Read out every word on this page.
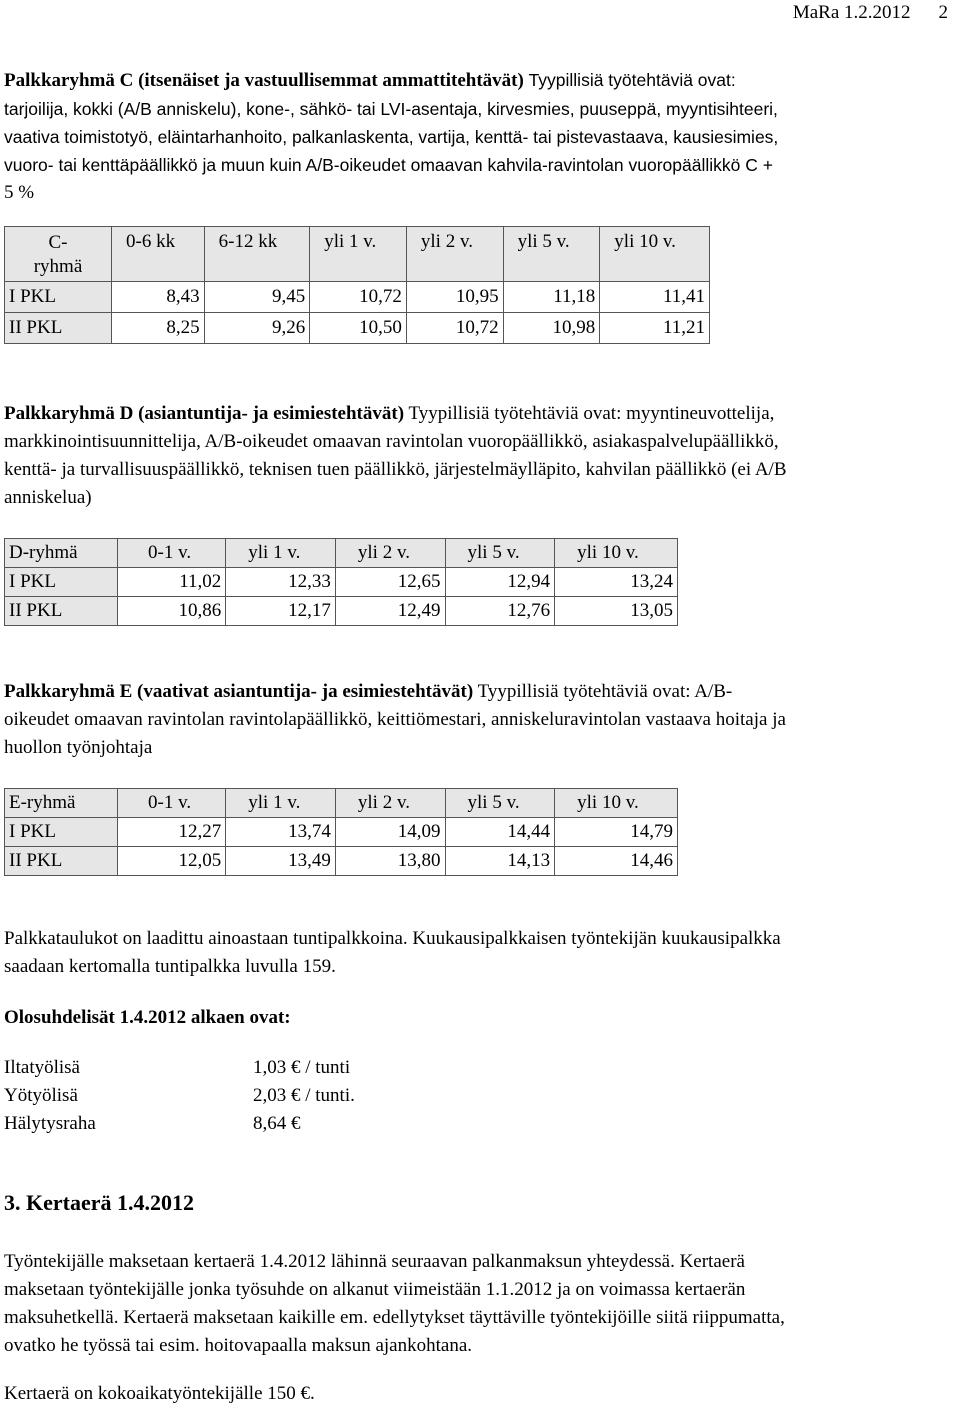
MaRa 1.2.2012 2
Palkkaryhmä C (itsenäiset ja vastuullisemmat ammattitehtävät) Tyypillisiä työtehtäviä ovat:
tarjoilija, kokki (A/B anniskelu), kone-, sähkö- tai LVI-asentaja, kirvesmies, puuseppä, myyntisihteeri,
vaativa toimistotyö, eläintarhanhoito, palkanlaskenta, vartija, kenttä- tai pistevastaava, kausiesimies,
vuoro- tai kenttäpäällikkö ja muun kuin A/B-oikeudet omaavan kahvila-ravintolan vuoropäällikkö C +
5 %
C-
ryhmä	0-6 kk	6-12 kk	yli 1 v.	yli 2 v.	yli 5 v.	yli 10 v.
I PKL	8,43	9,45	10,72	10,95	11,18	11,41
II PKL	8,25	9,26	10,50	10,72	10,98	11,21
Palkkaryhmä D (asiantuntija- ja esimiestehtävät) Tyypillisiä työtehtäviä ovat: myyntineuvottelija,
markkinointisuunnittelija, A/B-oikeudet omaavan ravintolan vuoropäällikkö, asiakaspalvelupäällikkö,
kenttä- ja turvallisuuspäällikkö, teknisen tuen päällikkö, järjestelmäylläpito, kahvilan päällikkö (ei A/B
anniskelua)
D-ryhmä	0-1 v.	yli 1 v.	yli 2 v.	yli 5 v.	yli 10 v.
I PKL	11,02	12,33	12,65	12,94	13,24
II PKL	10,86	12,17	12,49	12,76	13,05
Palkkaryhmä E (vaativat asiantuntija- ja esimiestehtävät) Tyypillisiä työtehtäviä ovat: A/B-
oikeudet omaavan ravintolan ravintolapäällikkö, keittiömestari, anniskeluravintolan vastaava hoitaja ja
huollon työnjohtaja
E-ryhmä	0-1 v.	yli 1 v.	yli 2 v.	yli 5 v.	yli 10 v.
I PKL	12,27	13,74	14,09	14,44	14,79
II PKL	12,05	13,49	13,80	14,13	14,46
Palkkataulukot on laadittu ainoastaan tuntipalkkoina. Kuukausipalkkaisen työntekijän kuukausipalkka
saadaan kertomalla tuntipalkka luvulla 159.
Olosuhdelisät 1.4.2012 alkaen ovat:
Iltatyölisä	1,03 € / tunti
Yötyölisä	2,03 € / tunti.
Hälytysraha	8,64 €
3. Kertaerä 1.4.2012
Työntekijälle maksetaan kertaerä 1.4.2012 lähinnä seuraavan palkanmaksun yhteydessä. Kertaerä
maksetaan työntekijälle jonka työsuhde on alkanut viimeistään 1.1.2012 ja on voimassa kertaerän
maksuhetkellä. Kertaerä maksetaan kaikille em. edellytykset täyttäville työntekijöille siitä riippumatta,
ovatko he työssä tai esim. hoitovapaalla maksun ajankohtana.
Kertaerä on kokoaikatyöntekijälle 150 €.
